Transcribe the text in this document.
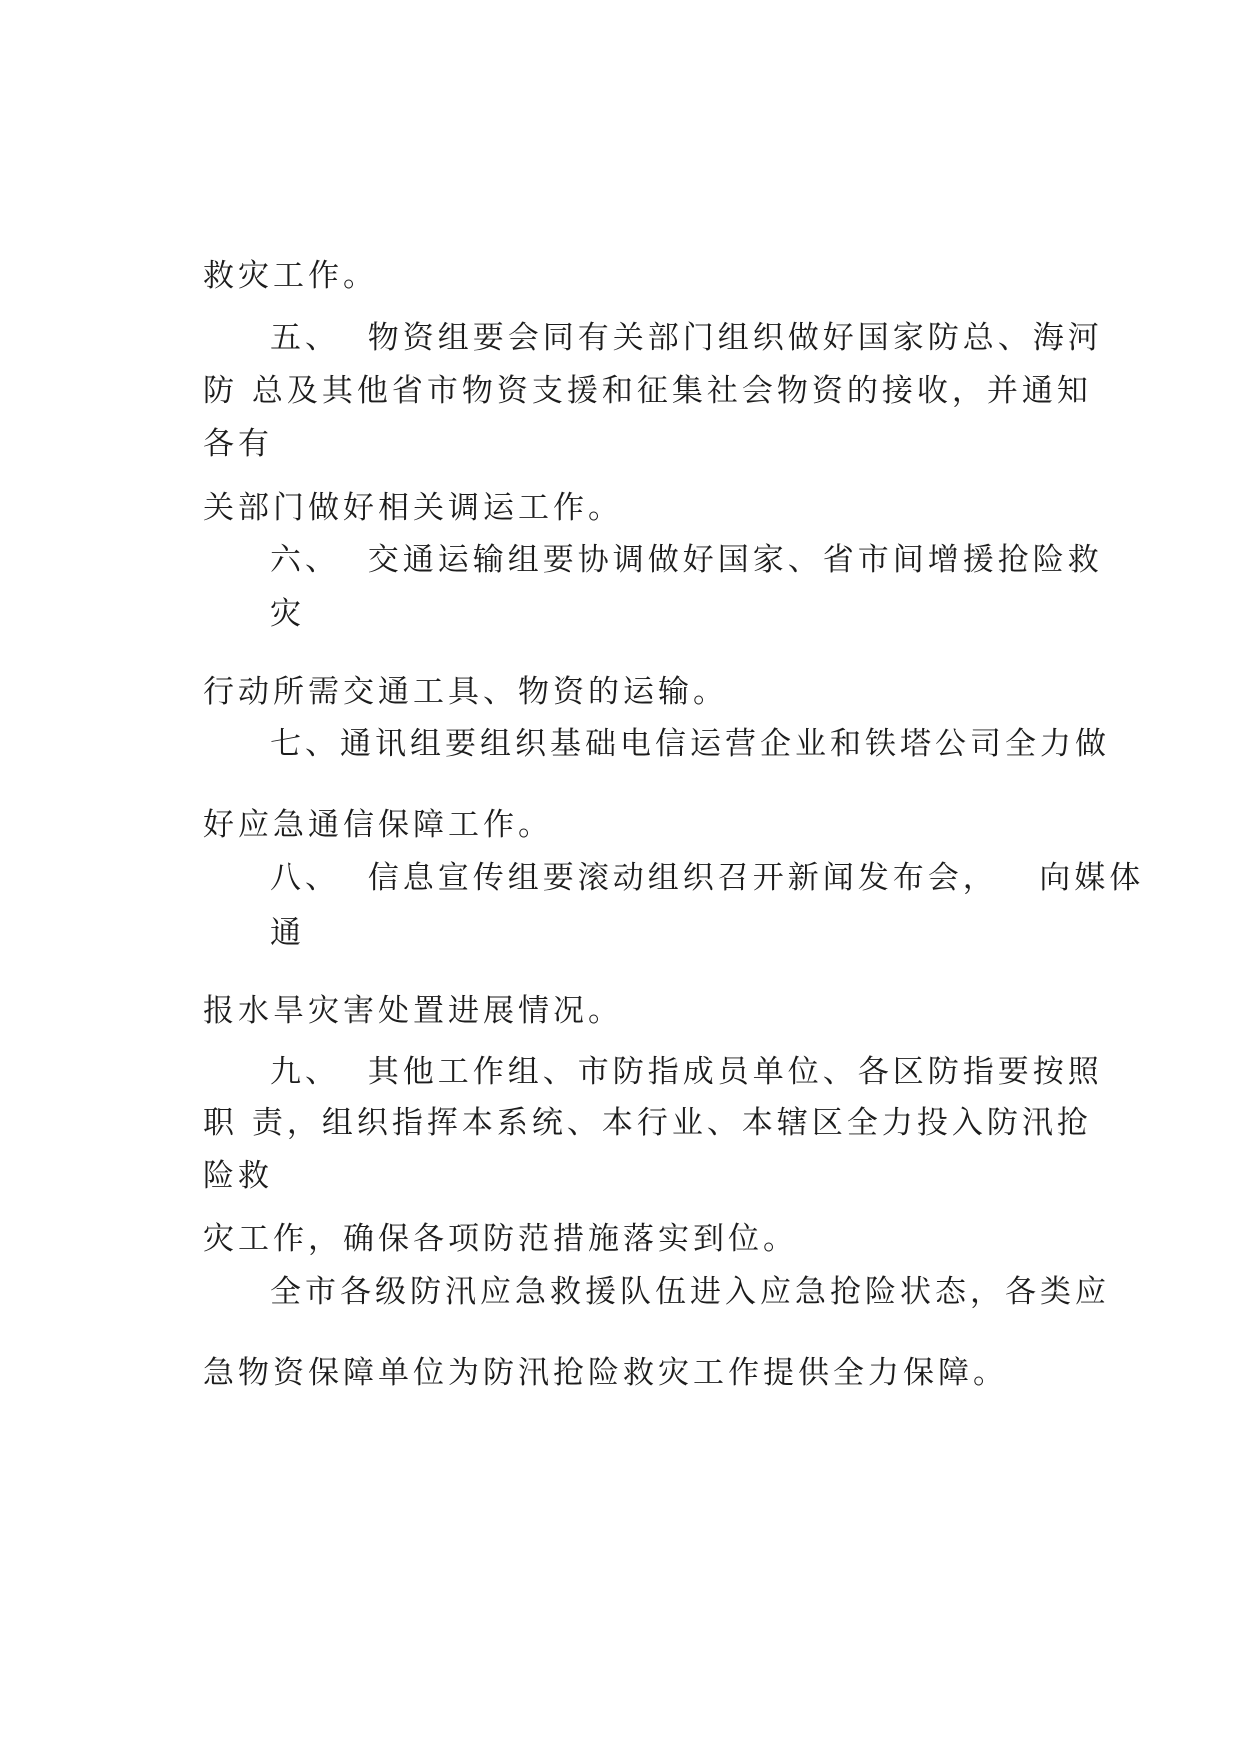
救灾工作。
五、  物资组要会同有关部门组织做好国家防总、海河
防 总及其他省市物资支援和征集社会物资的接收，并通知
各有
关部门做好相关调运工作。
六、  交通运输组要协调做好国家、省市间增援抢险救
灾
行动所需交通工具、物资的运输。
七、通讯组要组织基础电信运营企业和铁塔公司全力做
好应急通信保障工作。
八、  信息宣传组要滚动组织召开新闻发布会，   向媒体
通
报水旱灾害处置进展情况。
九、  其他工作组、市防指成员单位、各区防指要按照
职 责，组织指挥本系统、本行业、本辖区全力投入防汛抢
险救
灾工作，确保各项防范措施落实到位。
全市各级防汛应急救援队伍进入应急抢险状态，各类应
急物资保障单位为防汛抢险救灾工作提供全力保障。
